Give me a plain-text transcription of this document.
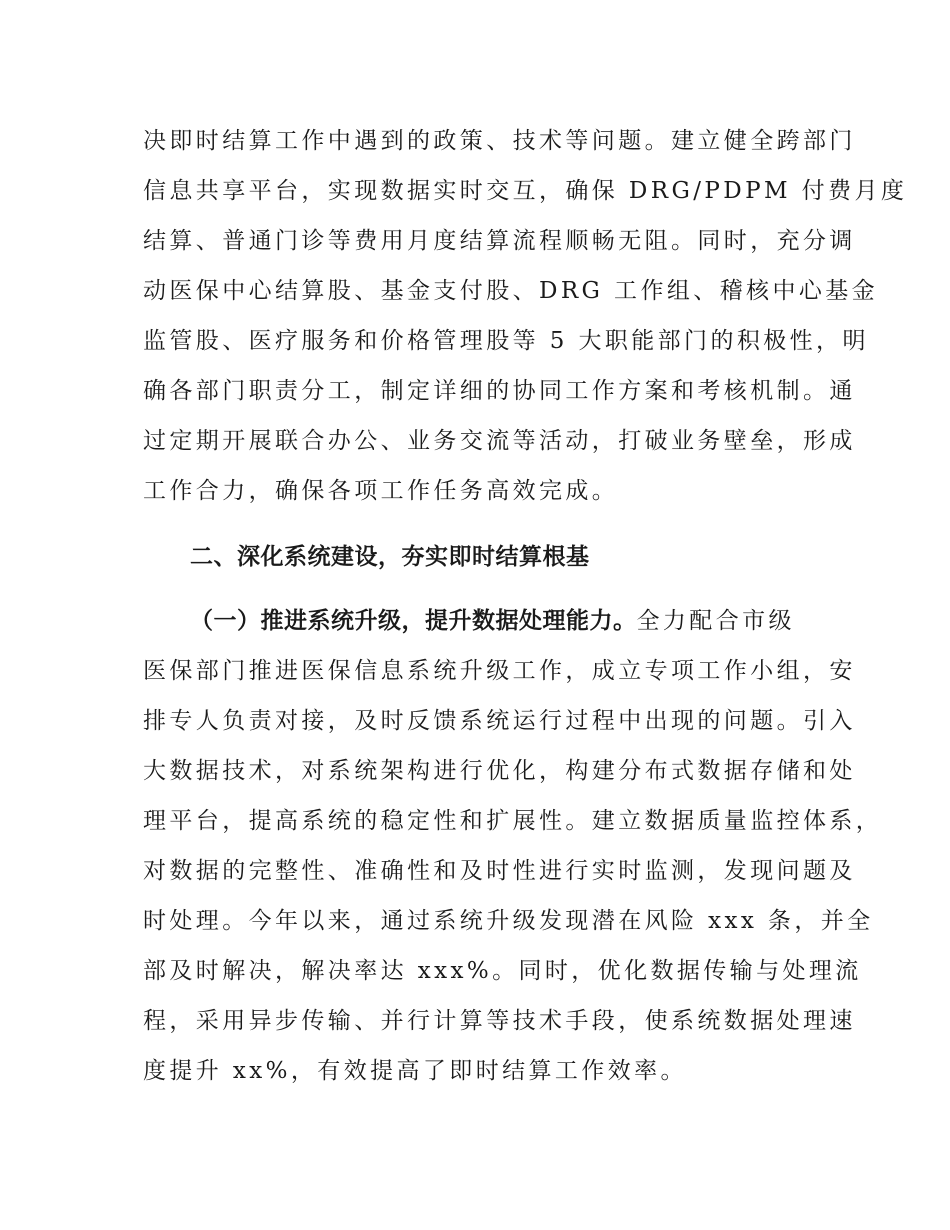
决即时结算工作中遇到的政策、技术等问题。建立健全跨部门
信息共享平台，实现数据实时交互，确保 DRG/PDPM 付费月度
结算、普通门诊等费用月度结算流程顺畅无阻。同时，充分调
动医保中心结算股、基金支付股、DRG 工作组、稽核中心基金
监管股、医疗服务和价格管理股等 5 大职能部门的积极性，明
确各部门职责分工，制定详细的协同工作方案和考核机制。通
过定期开展联合办公、业务交流等活动，打破业务壁垒，形成
工作合力，确保各项工作任务高效完成。
二、深化系统建设，夯实即时结算根基
（一）推进系统升级，提升数据处理能力。全力配合市级
医保部门推进医保信息系统升级工作，成立专项工作小组，安
排专人负责对接，及时反馈系统运行过程中出现的问题。引入
大数据技术，对系统架构进行优化，构建分布式数据存储和处
理平台，提高系统的稳定性和扩展性。建立数据质量监控体系，
对数据的完整性、准确性和及时性进行实时监测，发现问题及
时处理。今年以来，通过系统升级发现潜在风险 xxx 条，并全
部及时解决，解决率达 xxx%。同时，优化数据传输与处理流
程，采用异步传输、并行计算等技术手段，使系统数据处理速
度提升 xx%，有效提高了即时结算工作效率。
